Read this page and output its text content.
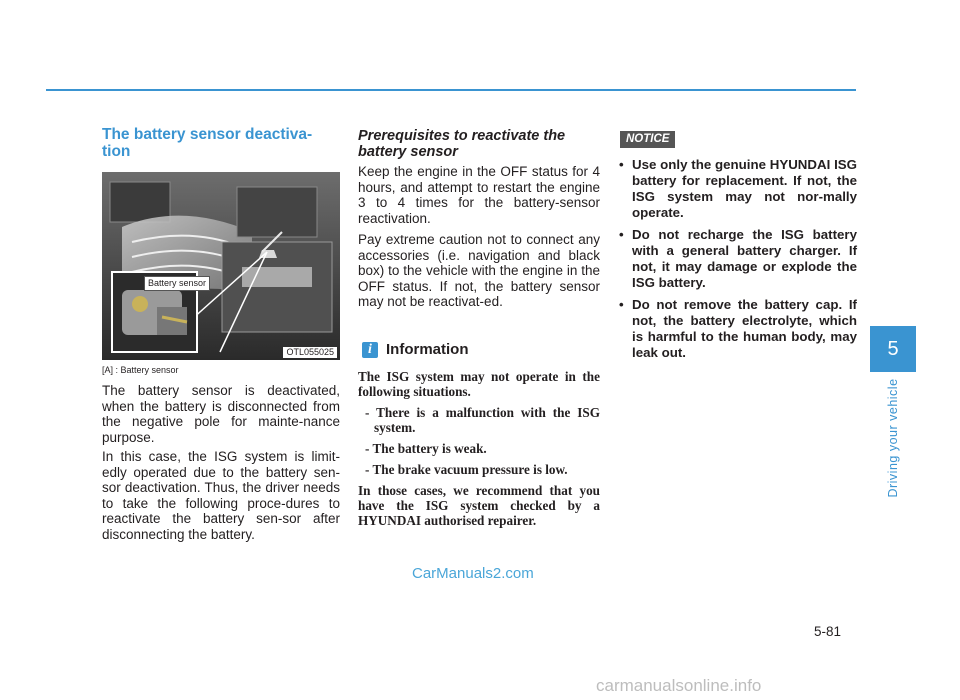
The battery sensor deactiva-tion
Battery sensor
OTL055025
[A] : Battery sensor

The battery sensor is deactivated, when the battery is disconnected from the negative pole for mainte-nance purpose.

In this case, the ISG system is limit-edly operated due to the battery sen-sor deactivation. Thus, the driver needs to take the following proce-dures to reactivate the battery sen-sor after disconnecting the battery.

Prerequisites to reactivate the battery sensor

Keep the engine in the OFF status for 4 hours, and attempt to restart the engine 3 to 4 times for the battery-sensor reactivation.

Pay extreme caution not to connect any accessories (i.e. navigation and black box) to the vehicle with the engine in the OFF status. If not, the battery sensor may not be reactivat-ed.

i Information

The ISG system may not operate in the following situations.

- There is a malfunction with the ISG system.

- The battery is weak.

- The brake vacuum pressure is low.

In those cases, we recommend that you have the ISG system checked by a HYUNDAI authorised repairer.

NOTICE
• Use only the genuine HYUNDAI ISG battery for replacement. If not, the ISG system may not nor-mally operate.
• Do not recharge the ISG battery with a general battery charger. If not, it may damage or explode the ISG battery.
• Do not remove the battery cap. If not, the battery electrolyte, which is harmful to the human body, may leak out.	5
Driving your vehicle
5-81
CarManuals2.com
carmanualsonline.info
